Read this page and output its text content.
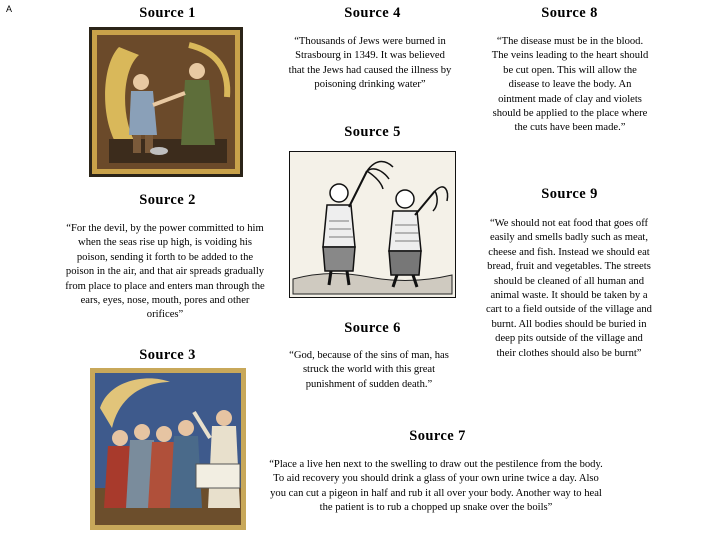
A	Source 1
Source 2
Source 3
Source 4
Source 5
Source 6
Source 7
Source 8
Source 9
“For the devil, by the power committed to him when the seas rise up high, is voiding his poison, sending it forth to be added to the poison in the air, and that air spreads gradually from place to place and enters man through the ears, eyes, nose, mouth, pores and other orifices”
“Thousands of Jews were burned in Strasbourg in 1349. It was believed that the Jews had caused the illness by poisoning drinking water”
“God, because of the sins of man, has struck the world with this great punishment of sudden death.”
“Place a live hen next to the swelling to draw out the pestilence from the body. To aid recovery you should drink a glass of your own urine twice a day. Also you can cut a pigeon in half and rub it all over your body. Another way to heal the patient is to rub a chopped up snake over the boils”
“The disease must be in the blood. The veins leading to the heart should be cut open. This will allow the disease to leave the body. An ointment made of clay and violets should be applied to the place where the cuts have been made.”
“We should not eat food that goes off easily and smells badly such as meat, cheese and fish. Instead we should eat bread, fruit and vegetables. The streets should be cleaned of all human and animal waste. It should be taken by a cart to a field outside of the village and burnt. All bodies should be buried in deep pits outside of the village and their clothes should also be burnt”
